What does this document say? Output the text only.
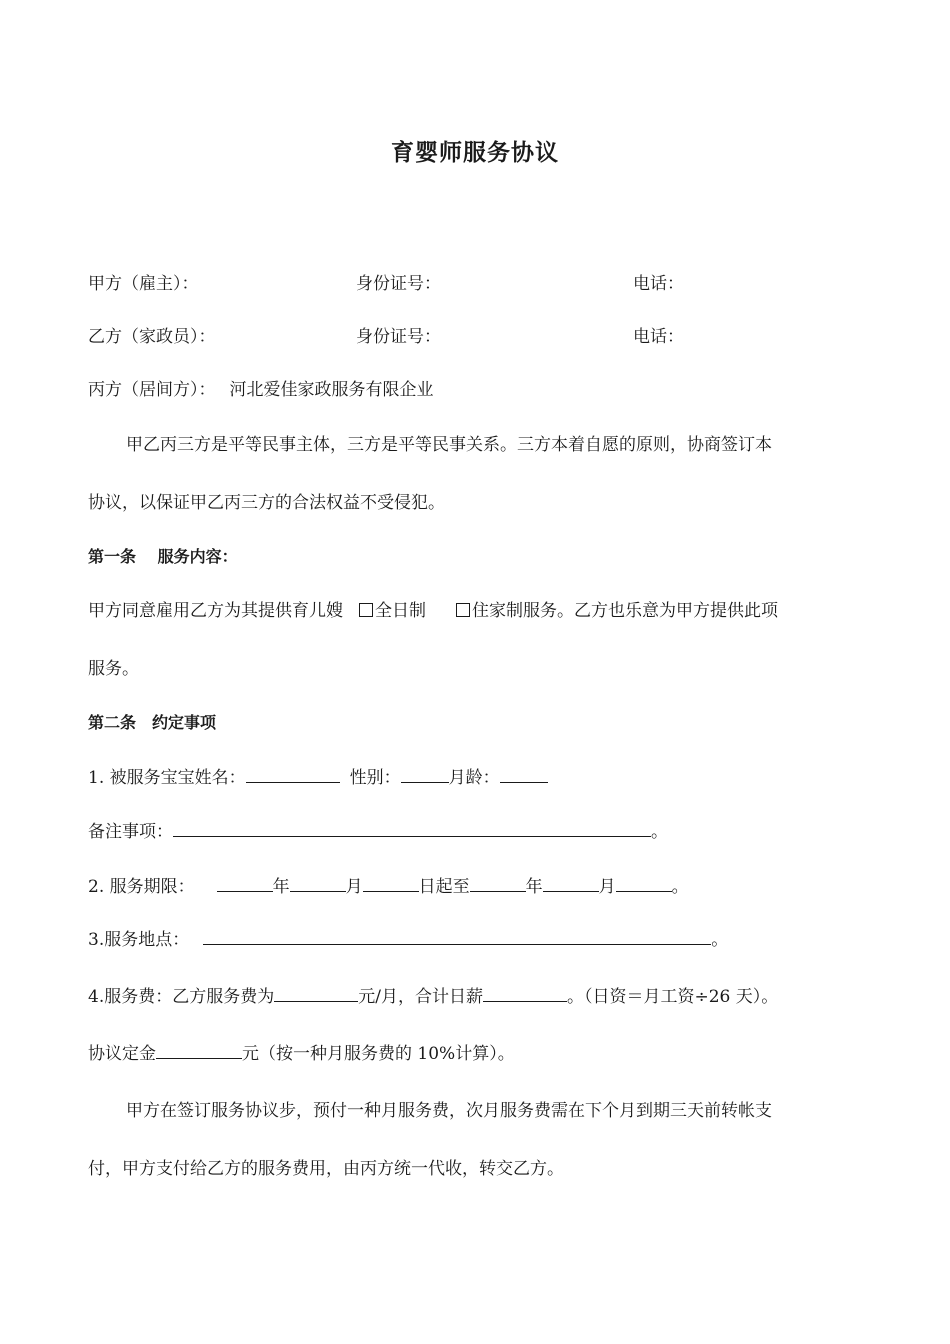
育婴师服务协议
甲方（雇主）：	身份证号：	电话：
乙方（家政员）：	身份证号：	电话：
丙方（居间方）： 河北爱佳家政服务有限企业
甲乙丙三方是平等民事主体，三方是平等民事关系。三方本着自愿的原则，协商签订本
协议，以保证甲乙丙三方的合法权益不受侵犯。
第一条　 服务内容：
甲方同意雇用乙方为其提供育儿嫂 全日制	住家制服务。乙方也乐意为甲方提供此项
服务。
第二条　约定事项
1. 被服务宝宝姓名：	性别：	月龄：
备注事项：	。
2. 服务期限：	年	月	日起至	年	月	。
3.服务地点：	。
4.服务费：乙方服务费为	元/月，合计日薪	。（日资＝月工资÷26 天）。
协议定金	元（按一种月服务费的 10%计算）。
甲方在签订服务协议步，预付一种月服务费，次月服务费需在下个月到期三天前转帐支
付，甲方支付给乙方的服务费用，由丙方统一代收，转交乙方。
